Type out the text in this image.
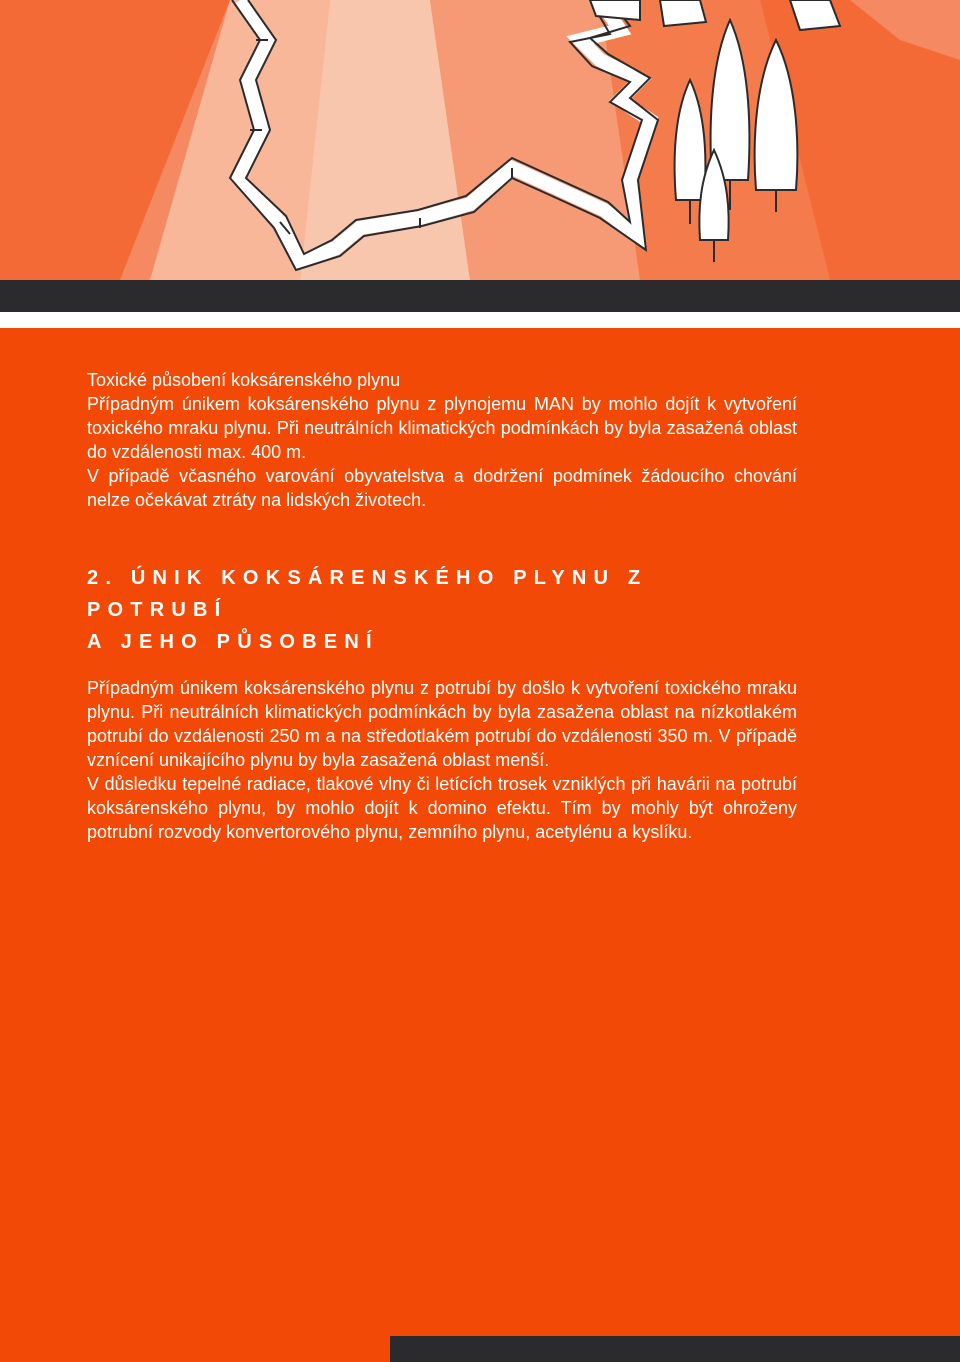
Toxické působení koksárenského plynu

Případným únikem koksárenského plynu z plynojemu MAN by mohlo dojít k vytvoření toxického mraku plynu. Při neutrálních klimatických podmínkách by byla zasažená oblast do vzdálenosti max. 400 m.

V případě včasného varování obyvatelstva a dodržení podmínek žádoucího chování nelze očekávat ztráty na lidských životech.

2. ÚNIK KOKSÁRENSKÉHO PLYNU Z POTRUBÍ
A JEHO PŮSOBENÍ

Případným únikem koksárenského plynu z potrubí by došlo k vytvoření toxického mraku plynu. Při neutrálních klimatických podmínkách by byla zasažena oblast na nízkotlakém potrubí do vzdálenosti 250 m a na středotlakém potrubí do vzdálenosti 350 m. V případě vznícení unikajícího plynu by byla zasažená oblast menší.

V důsledku tepelné radiace, tlakové vlny či letících trosek vzniklých při havárii na potrubí koksárenského plynu, by mohlo dojít k domino efektu. Tím by mohly být ohroženy potrubní rozvody konvertorového plynu, zemního plynu, acetylénu a kyslíku.
